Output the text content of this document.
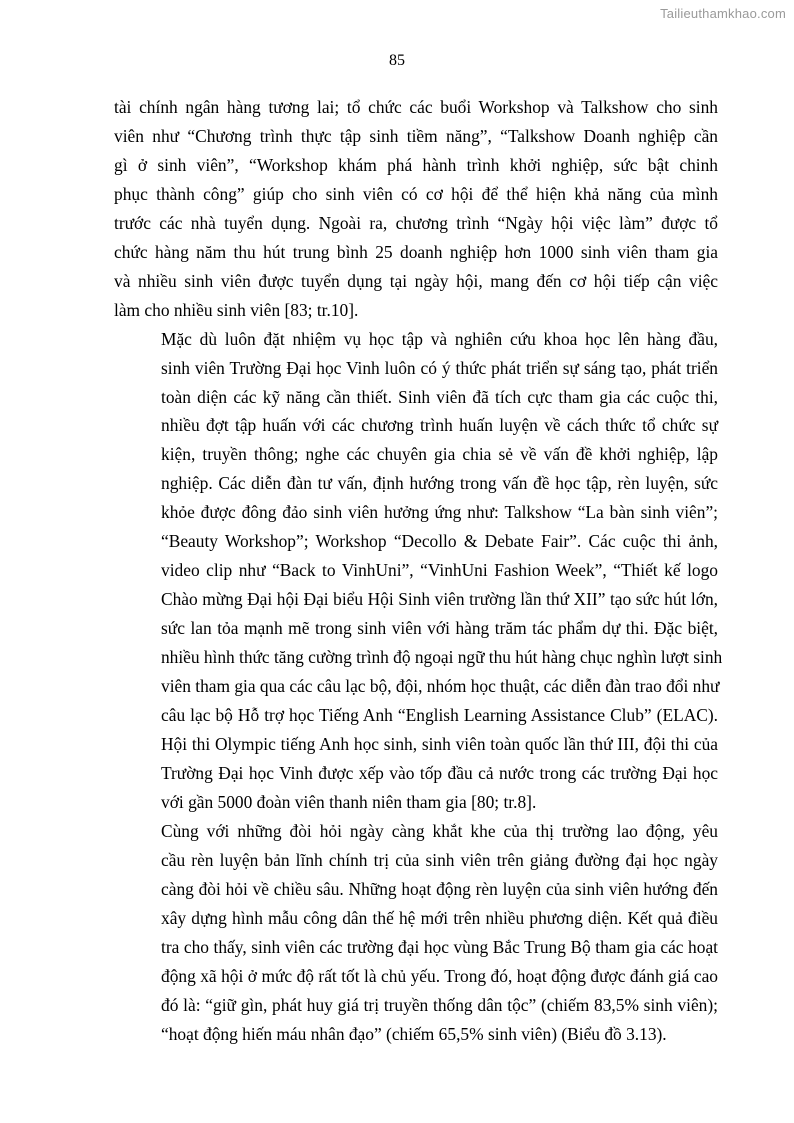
Tailieuthamkhao.com
85

tài chính ngân hàng tương lai; tổ chức các buổi Workshop và Talkshow cho sinh
viên như “Chương trình thực tập sinh tiềm năng”, “Talkshow Doanh nghiệp cần
gì ở sinh viên”, “Workshop khám phá hành trình khởi nghiệp, sức bật chinh
phục thành công” giúp cho sinh viên có cơ hội để thể hiện khả năng của mình
trước các nhà tuyển dụng. Ngoài ra, chương trình “Ngày hội việc làm” được tổ
chức hàng năm thu hút trung bình 25 doanh nghiệp hơn 1000 sinh viên tham gia
và nhiều sinh viên được tuyển dụng tại ngày hội, mang đến cơ hội tiếp cận việc
làm cho nhiều sinh viên [83; tr.10].

Mặc dù luôn đặt nhiệm vụ học tập và nghiên cứu khoa học lên hàng đầu,
sinh viên Trường Đại học Vinh luôn có ý thức phát triển sự sáng tạo, phát triển
toàn diện các kỹ năng cần thiết. Sinh viên đã tích cực tham gia các cuộc thi,
nhiều đợt tập huấn với các chương trình huấn luyện về cách thức tổ chức sự
kiện, truyền thông; nghe các chuyên gia chia sẻ về vấn đề khởi nghiệp, lập
nghiệp. Các diễn đàn tư vấn, định hướng trong vấn đề học tập, rèn luyện, sức
khỏe được đông đảo sinh viên hưởng ứng như: Talkshow “La bàn sinh viên”;
“Beauty Workshop”; Workshop “Decollo & Debate Fair”. Các cuộc thi ảnh,
video clip như “Back to VinhUni”, “VinhUni Fashion Week”, “Thiết kế logo
Chào mừng Đại hội Đại biểu Hội Sinh viên trường lần thứ XII” tạo sức hút lớn,
sức lan tỏa mạnh mẽ trong sinh viên với hàng trăm tác phẩm dự thi. Đặc biệt,
nhiều hình thức tăng cường trình độ ngoại ngữ thu hút hàng chục nghìn lượt sinh
viên tham gia qua các câu lạc bộ, đội, nhóm học thuật, các diễn đàn trao đổi như
câu lạc bộ Hỗ trợ học Tiếng Anh “English Learning Assistance Club” (ELAC).
Hội thi Olympic tiếng Anh học sinh, sinh viên toàn quốc lần thứ III, đội thi của
Trường Đại học Vinh được xếp vào tốp đầu cả nước trong các trường Đại học
với gần 5000 đoàn viên thanh niên tham gia [80; tr.8].

Cùng với những đòi hỏi ngày càng khắt khe của thị trường lao động, yêu
cầu rèn luyện bản lĩnh chính trị của sinh viên trên giảng đường đại học ngày
càng đòi hỏi về chiều sâu. Những hoạt động rèn luyện của sinh viên hướng đến
xây dựng hình mẫu công dân thế hệ mới trên nhiều phương diện. Kết quả điều
tra cho thấy, sinh viên các trường đại học vùng Bắc Trung Bộ tham gia các hoạt
động xã hội ở mức độ rất tốt là chủ yếu. Trong đó, hoạt động được đánh giá cao
đó là: “giữ gìn, phát huy giá trị truyền thống dân tộc” (chiếm 83,5% sinh viên);
“hoạt động hiến máu nhân đạo” (chiếm 65,5% sinh viên) (Biểu đồ 3.13).
